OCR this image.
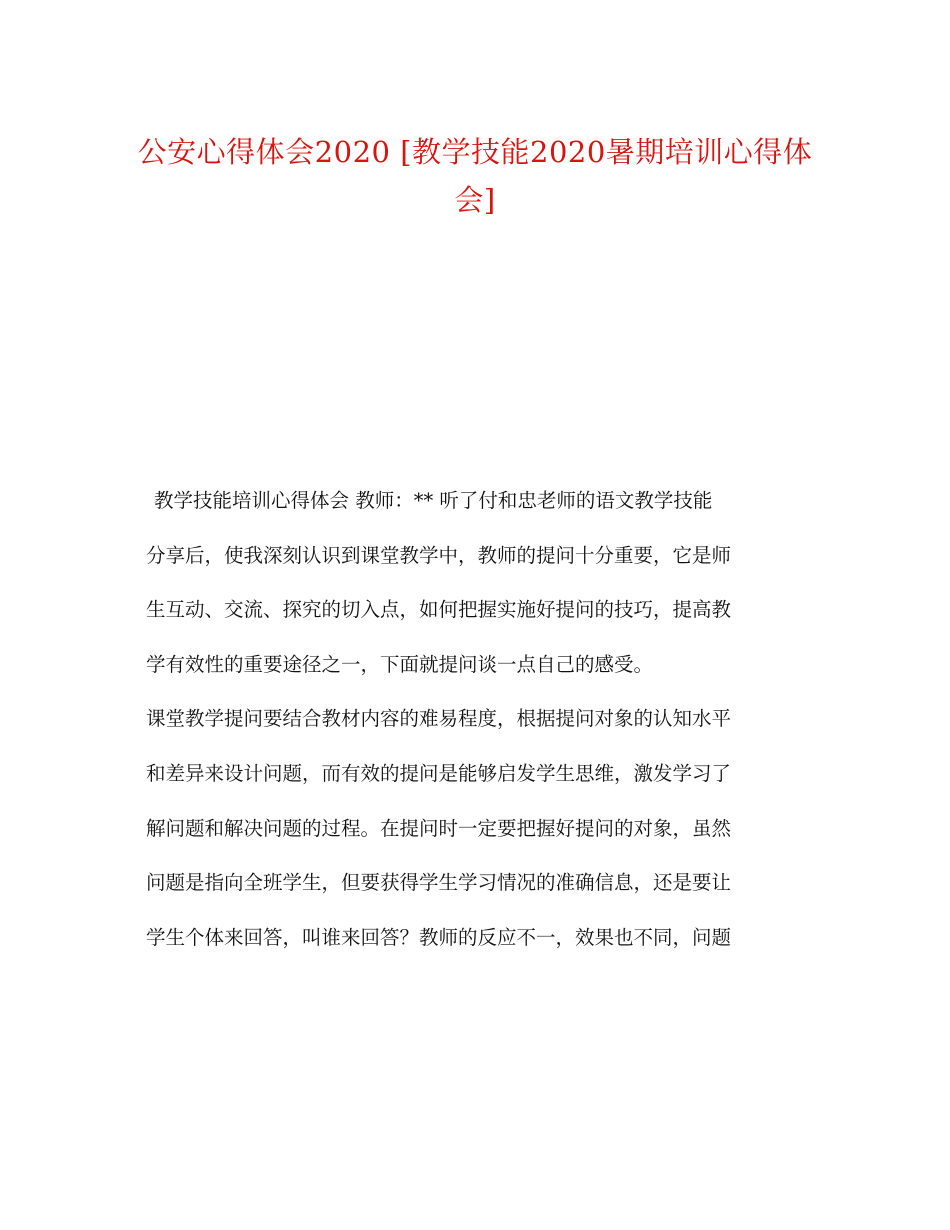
公安心得体会2020 [教学技能2020暑期培训心得体会]
教学技能培训心得体会 教师：** 听了付和忠老师的语文教学技能
分享后，使我深刻认识到课堂教学中，教师的提问十分重要，它是师
生互动、交流、探究的切入点，如何把握实施好提问的技巧，提高教
学有效性的重要途径之一，下面就提问谈一点自己的感受。
课堂教学提问要结合教材内容的难易程度，根据提问对象的认知水平
和差异来设计问题，而有效的提问是能够启发学生思维，激发学习了
解问题和解决问题的过程。在提问时一定要把握好提问的对象，虽然
问题是指向全班学生，但要获得学生学习情况的准确信息，还是要让
学生个体来回答，叫谁来回答？教师的反应不一，效果也不同，问题
